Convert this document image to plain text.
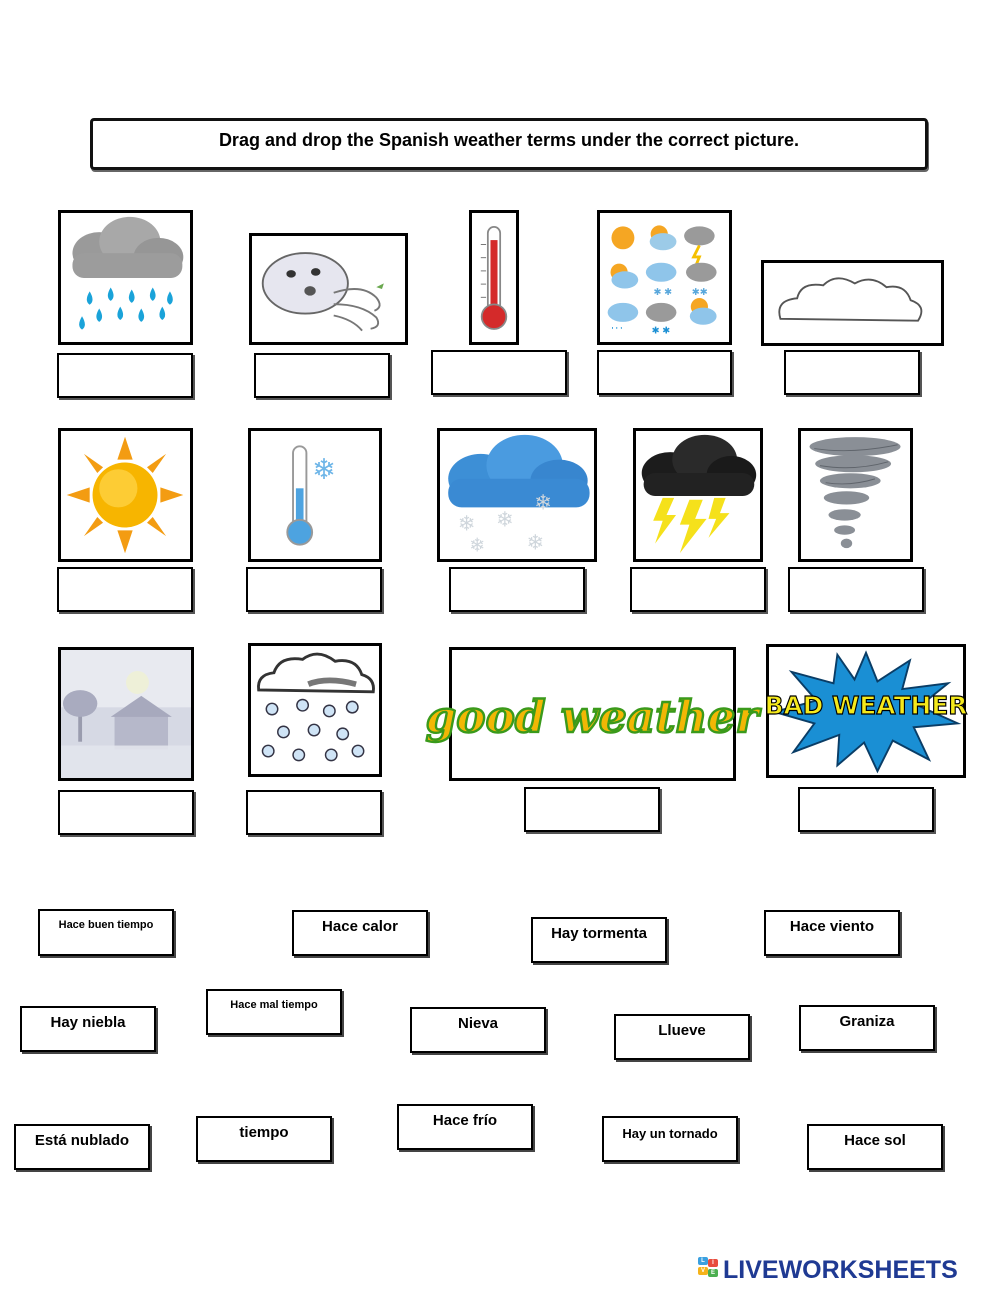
Drag and drop the Spanish weather terms under the correct picture.
✱ ✱ ✱✱
' ' '	✱ ✱
❄
❄ ❄
❄
❄ ❄
good weather BAD WEATHER
Hace buen tiempo	Hace calor	Hay tormenta	Hace viento
Hay niebla
Hace mal tiempo
Nieva	Llueve
Graniza
Está nublado	tiempo
Hace frío
Hay un tornado	Hace sol
L	I
V E LIVEWORKSHEETS
